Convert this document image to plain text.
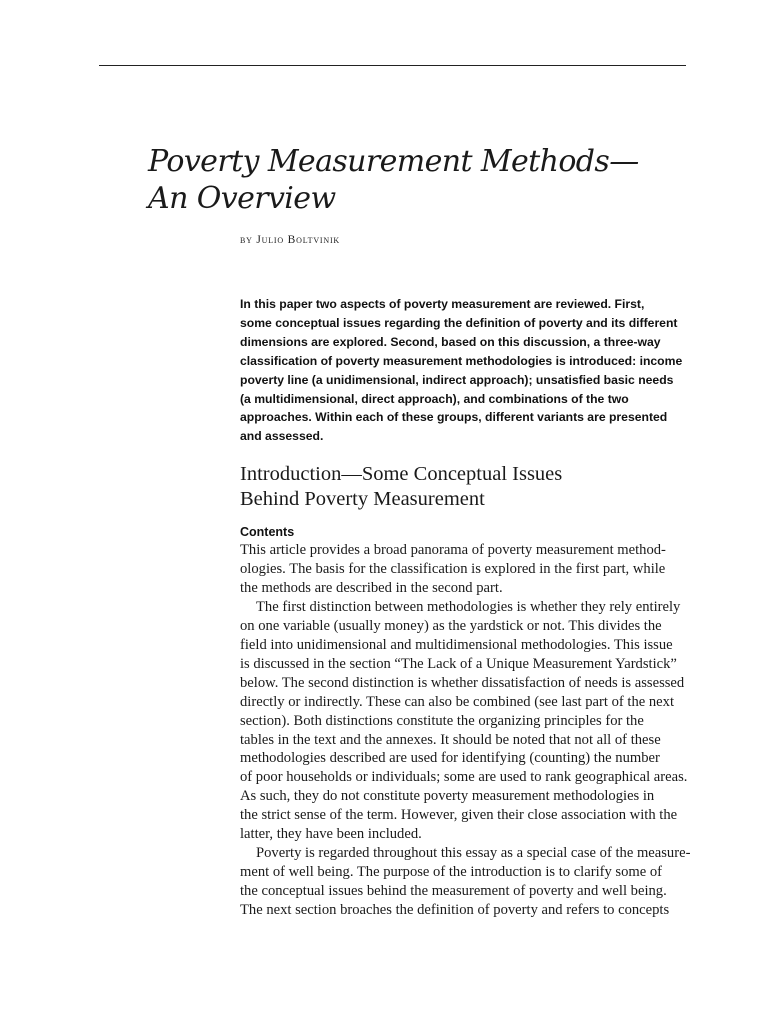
Poverty Measurement Methods—
An Overview
by Julio Boltvinik
In this paper two aspects of poverty measurement are reviewed. First,
some conceptual issues regarding the definition of poverty and its different
dimensions are explored. Second, based on this discussion, a three-way
classification of poverty measurement methodologies is introduced: income
poverty line (a unidimensional, indirect approach); unsatisfied basic needs
(a multidimensional, direct approach), and combinations of the two
approaches. Within each of these groups, different variants are presented
and assessed.
Introduction—Some Conceptual Issues
Behind Poverty Measurement
Contents
This article provides a broad panorama of poverty measurement method-
ologies. The basis for the classification is explored in the first part, while
the methods are described in the second part.
The first distinction between methodologies is whether they rely entirely
on one variable (usually money) as the yardstick or not. This divides the
field into unidimensional and multidimensional methodologies. This issue
is discussed in the section “The Lack of a Unique Measurement Yardstick”
below. The second distinction is whether dissatisfaction of needs is assessed
directly or indirectly. These can also be combined (see last part of the next
section). Both distinctions constitute the organizing principles for the
tables in the text and the annexes. It should be noted that not all of these
methodologies described are used for identifying (counting) the number
of poor households or individuals; some are used to rank geographical areas.
As such, they do not constitute poverty measurement methodologies in
the strict sense of the term. However, given their close association with the
latter, they have been included.
Poverty is regarded throughout this essay as a special case of the measure-
ment of well being. The purpose of the introduction is to clarify some of
the conceptual issues behind the measurement of poverty and well being.
The next section broaches the definition of poverty and refers to concepts
